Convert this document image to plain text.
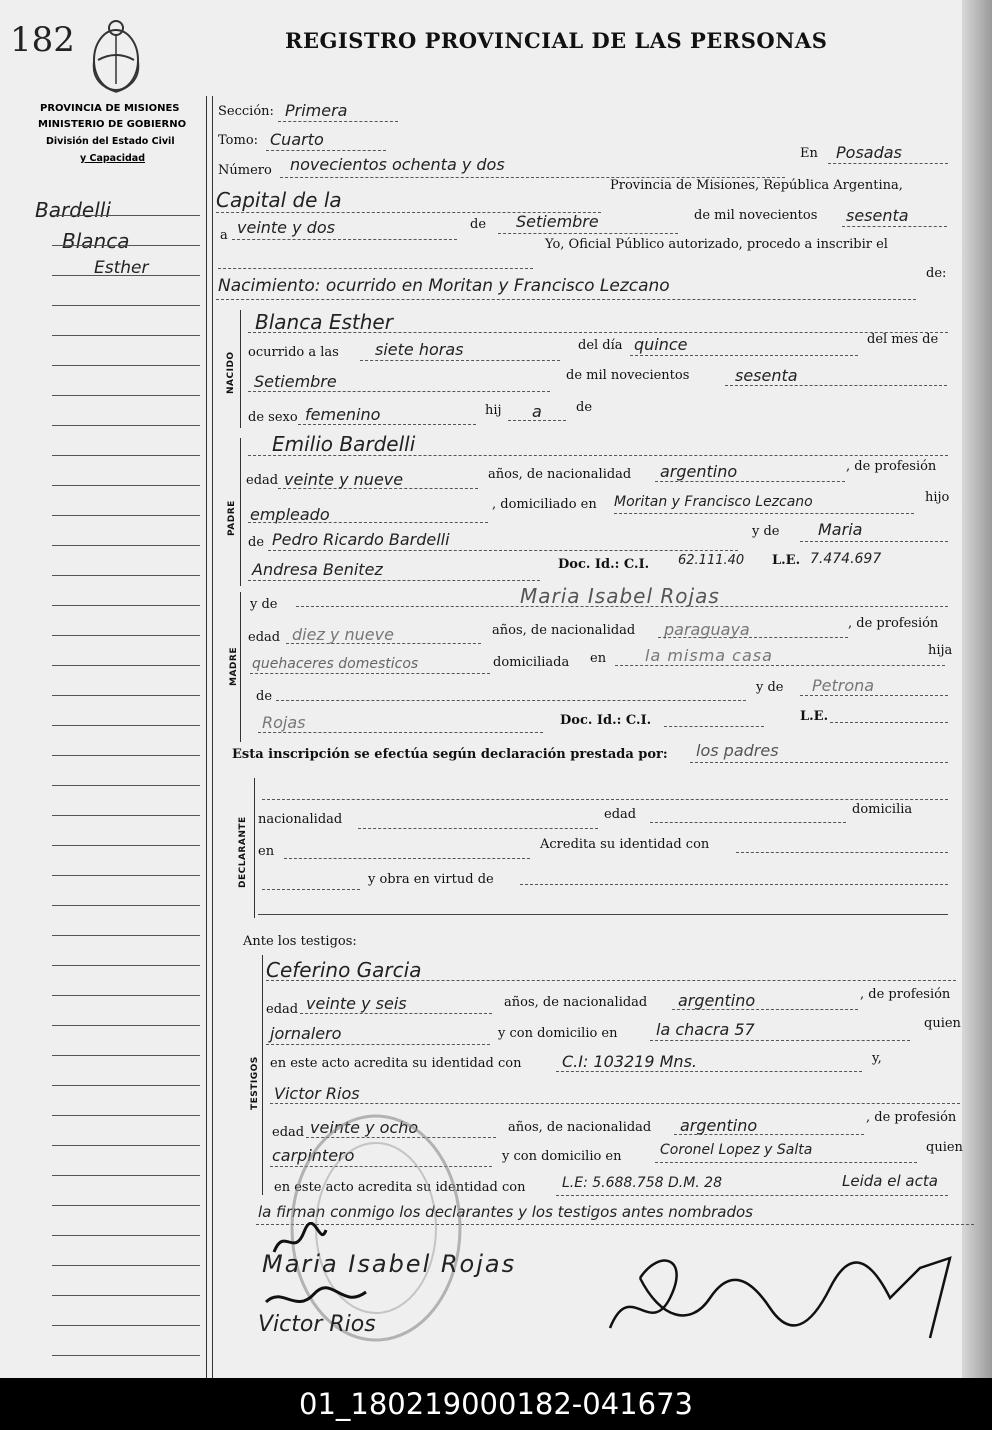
182	REGISTRO PROVINCIAL DE LAS PERSONAS
PROVINCIA DE MISIONES
MINISTERIO DE GOBIERNO
División del Estado Civil
y Capacidad
Bardelli
Blanca
Esther
Sección: Primera
Tomo: Cuarto
Número novecientos ochenta y dos
En Posadas
Capital de la
Provincia de Misiones, República Argentina,
a veinte y dos	de Setiembre	de mil novecientos sesenta
Yo, Oficial Público autorizado, procedo a inscribir el
Nacimiento: ocurrido en Moritan y Francisco Lezcano
de:
NACIDO
Blanca Esther
ocurrido a las siete horas	del día quince	del mes de
Setiembre	de mil novecientos	sesenta
de sexo femenino	hij a	de
PADRE
Emilio Bardelli
edad veinte y nueve	años, de nacionalidad argentino	, de profesión
empleado
, domiciliado en Moritan y Francisco Lezcano	hijo
de Pedro Ricardo Bardelli	y de Maria
Andresa Benitez	Doc. Id.: C.I. 62.111.40 L.E. 7.474.697
MADRE
y de	Maria Isabel Rojas
edad diez y nueve	años, de nacionalidad paraguaya	, de profesión
quehaceres domesticos	domiciliada en la misma casa	hija
de
y de Petrona
Rojas	Doc. Id.: C.I.	L.E.
Esta inscripción se efectúa según declaración prestada por: los padres
DECLARANTE nacionalidad	edad	domicilia
en	Acredita su identidad con
y obra en virtud de
Ante los testigos:
TESTIGOS
Ceferino Garcia
edad veinte y seis	años, de nacionalidad argentino	, de profesión
jornalero	y con domicilio en la chacra 57	quien
en este acto acredita su identidad con	C.I: 103219 Mns.	y,
Victor Rios
edad veinte y ocho	años, de nacionalidad argentino	, de profesión
carpintero	y con domicilio en	Coronel Lopez y Salta	quien
en este acto acredita su identidad con	L.E: 5.688.758 D.M. 28	Leida el acta
la firman conmigo los declarantes y los testigos antes nombrados
Maria Isabel Rojas
Victor Rios
01_180219000182-041673
